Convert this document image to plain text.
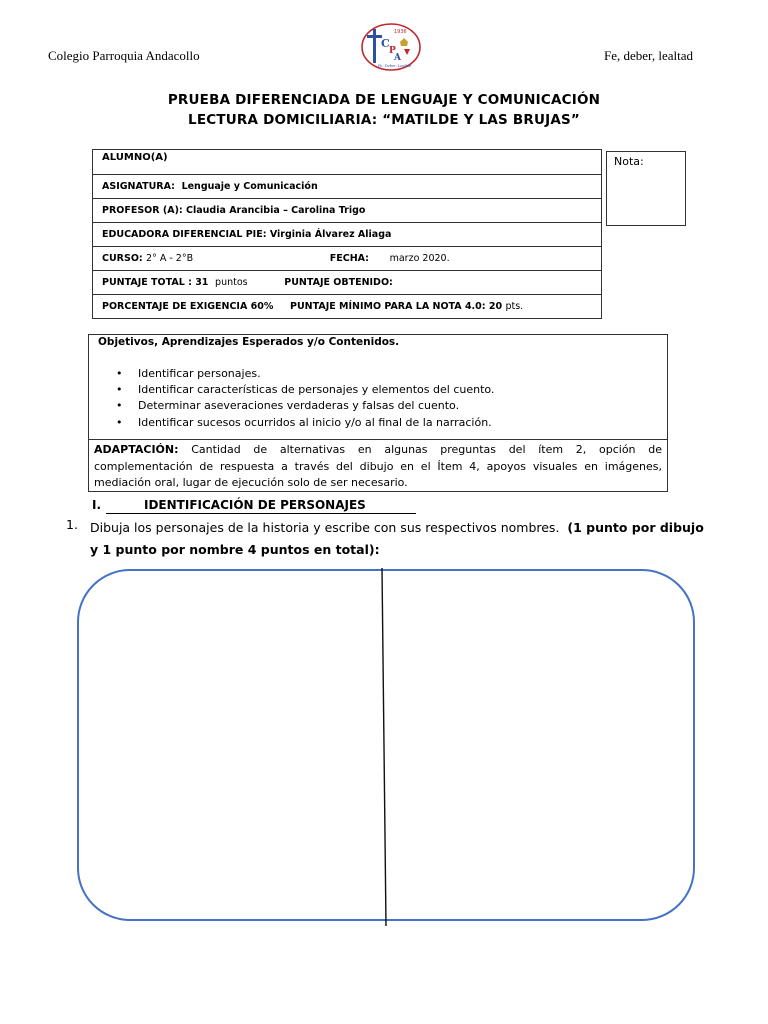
Colegio Parroquia Andacollo
1936
C
P
A
Fe, Deber, Lealtad
Fe, deber, lealtad
PRUEBA DIFERENCIADA DE LENGUAJE Y COMUNICACIÓN
LECTURA DOMICILIARIA: “MATILDE Y LAS BRUJAS”
ALUMNO(A)
ASIGNATURA: Lenguaje y Comunicación
PROFESOR (A): Claudia Arancibia – Carolina Trigo
EDUCADORA DIFERENCIAL PIE: Virginia Álvarez Aliaga
CURSO: 2° A - 2°B	FECHA: marzo 2020.
PUNTAJE TOTAL : 31 puntos	PUNTAJE OBTENIDO:
PORCENTAJE DE EXIGENCIA 60% PUNTAJE MÍNIMO PARA LA NOTA 4.0: 20 pts.
Nota:
Objetivos, Aprendizajes Esperados y/o Contenidos.
• Identificar personajes.
• Identificar características de personajes y elementos del cuento.
• Determinar aseveraciones verdaderas y falsas del cuento.
• Identificar sucesos ocurridos al inicio y/o al final de la narración.
ADAPTACIÓN: Cantidad de alternativas en algunas preguntas del ítem 2, opción de complementación de respuesta a través del dibujo en el Ítem 4, apoyos visuales en imágenes, mediación oral, lugar de ejecución solo de ser necesario.
I.	IDENTIFICACIÓN DE PERSONAJES
1. Dibuja los personajes de la historia y escribe con sus respectivos nombres. (1 punto por dibujo y 1 punto por nombre 4 puntos en total):
